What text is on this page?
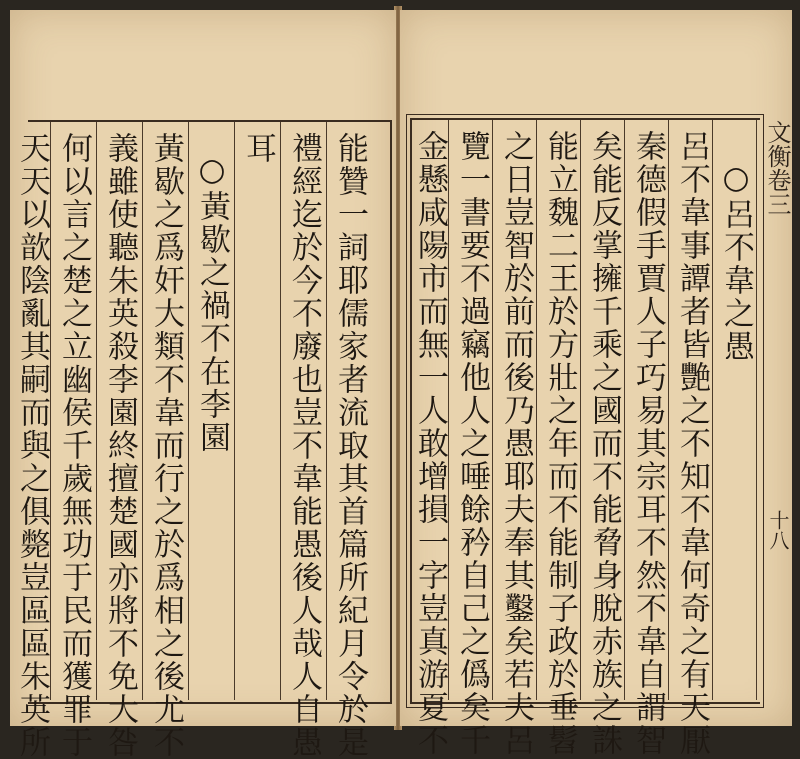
能贊一詞耶儒家者流取其首篇所紀月令於是
禮經迄於今不廢也豈不韋能愚後人哉人自愚
耳
○黃歇之禍不在李園
黃歇之爲奸大類不韋而行之於爲相之後尤不
義雖使聽朱英殺李園終擅楚國亦將不免大咎
何以言之楚之立幽侯千歲無功于民而獲罪于
天天以歆陰亂其嗣而與之俱斃豈區區朱英所	文衡卷三
十八
○呂不韋之愚
呂不韋事譚者皆艷之不知不韋何奇之有天厭
秦德假手賈人子巧易其宗耳不然不韋自謂智
矣能反掌擁千乘之國而不能脅身脫赤族之誅
能立魏二王於方壯之年而不能制子政於垂髫
之日豈智於前而後乃愚耶夫奉其鑿矣若夫呂
覽一書要不過竊他人之唾餘矜自己之僞矣千
金懸咸陽市而無一人敢增損一字豈真游夏不
